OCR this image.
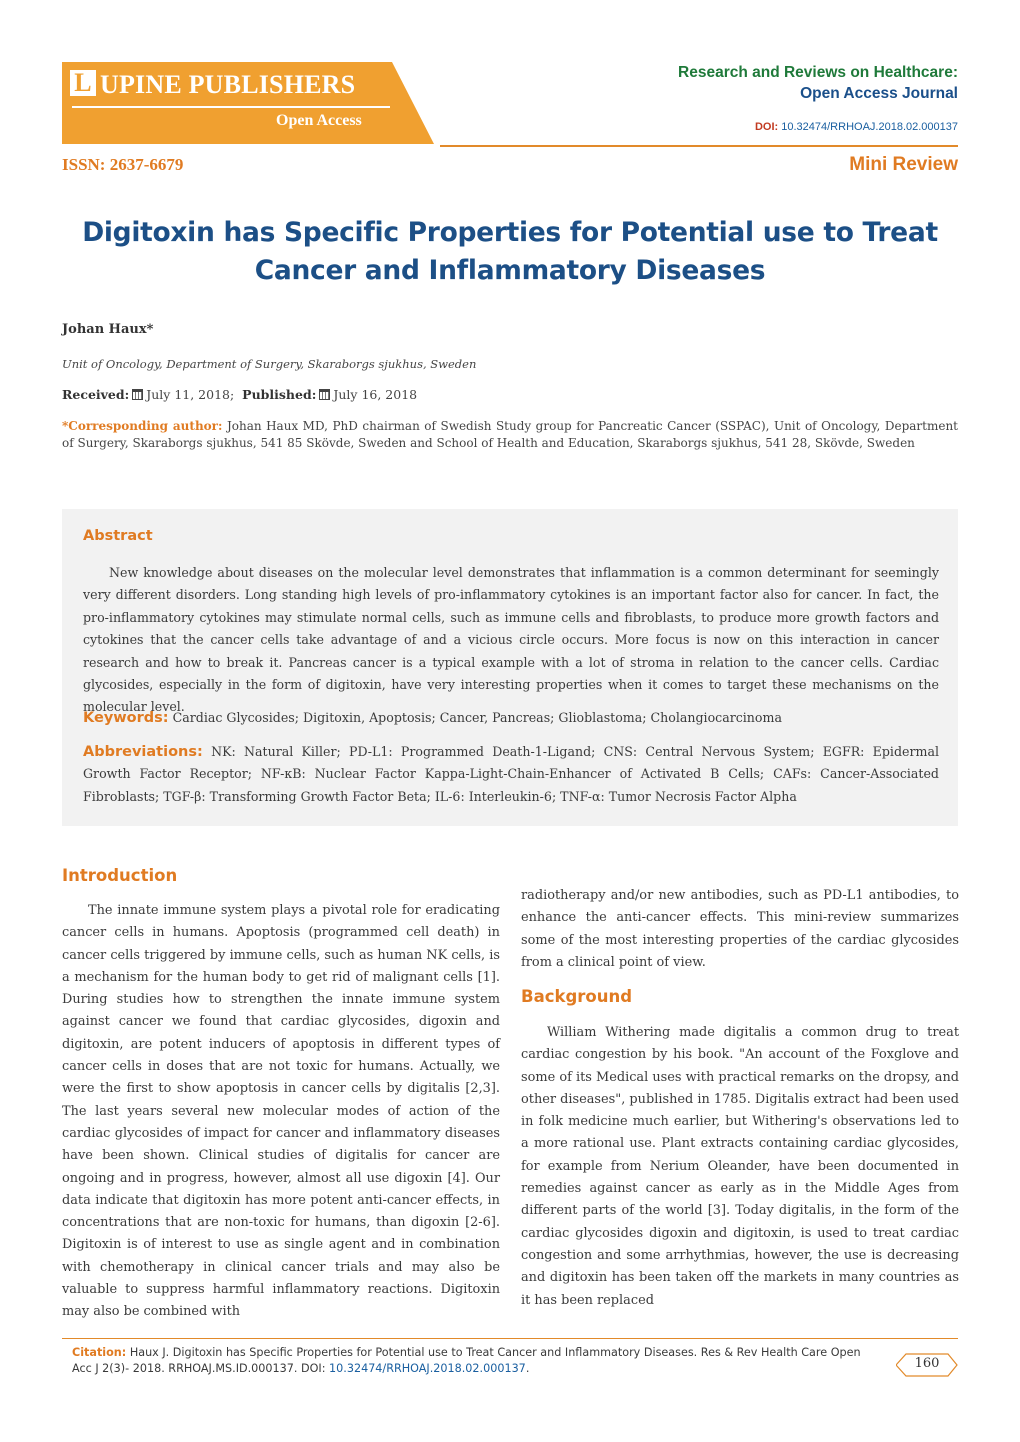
L UPINE PUBLISHERS
Open Access
Research and Reviews on Healthcare:
Open Access Journal
DOI: 10.32474/RRHOAJ.2018.02.000137
ISSN: 2637-6679	Mini Review
Digitoxin has Specific Properties for Potential use to Treat Cancer and Inflammatory Diseases
Johan Haux*
Unit of Oncology, Department of Surgery, Skaraborgs sjukhus, Sweden
Received: July 11, 2018; Published: July 16, 2018
*Corresponding author: Johan Haux MD, PhD chairman of Swedish Study group for Pancreatic Cancer (SSPAC), Unit of Oncology, Department of Surgery, Skaraborgs sjukhus, 541 85 Skövde, Sweden and School of Health and Education, Skaraborgs sjukhus, 541 28, Skövde, Sweden
Abstract
New knowledge about diseases on the molecular level demonstrates that inflammation is a common determinant for seemingly very different disorders. Long standing high levels of pro-inflammatory cytokines is an important factor also for cancer. In fact, the pro-inflammatory cytokines may stimulate normal cells, such as immune cells and fibroblasts, to produce more growth factors and cytokines that the cancer cells take advantage of and a vicious circle occurs. More focus is now on this interaction in cancer research and how to break it. Pancreas cancer is a typical example with a lot of stroma in relation to the cancer cells. Cardiac glycosides, especially in the form of digitoxin, have very interesting properties when it comes to target these mechanisms on the molecular level.
Keywords: Cardiac Glycosides; Digitoxin, Apoptosis; Cancer, Pancreas; Glioblastoma; Cholangiocarcinoma
Abbreviations: NK: Natural Killer; PD-L1: Programmed Death-1-Ligand; CNS: Central Nervous System; EGFR: Epidermal Growth Factor Receptor; NF-κB: Nuclear Factor Kappa-Light-Chain-Enhancer of Activated B Cells; CAFs: Cancer-Associated Fibroblasts; TGF-β: Transforming Growth Factor Beta; IL-6: Interleukin-6; TNF-α: Tumor Necrosis Factor Alpha
Introduction
The innate immune system plays a pivotal role for eradicating cancer cells in humans. Apoptosis (programmed cell death) in cancer cells triggered by immune cells, such as human NK cells, is a mechanism for the human body to get rid of malignant cells [1]. During studies how to strengthen the innate immune system against cancer we found that cardiac glycosides, digoxin and digitoxin, are potent inducers of apoptosis in different types of cancer cells in doses that are not toxic for humans. Actually, we were the first to show apoptosis in cancer cells by digitalis [2,3]. The last years several new molecular modes of action of the cardiac glycosides of impact for cancer and inflammatory diseases have been shown. Clinical studies of digitalis for cancer are ongoing and in progress, however, almost all use digoxin [4]. Our data indicate that digitoxin has more potent anti-cancer effects, in concentrations that are non-toxic for humans, than digoxin [2-6]. Digitoxin is of interest to use as single agent and in combination with chemotherapy in clinical cancer trials and may also be valuable to suppress harmful inflammatory reactions. Digitoxin may also be combined with
radiotherapy and/or new antibodies, such as PD-L1 antibodies, to enhance the anti-cancer effects. This mini-review summarizes some of the most interesting properties of the cardiac glycosides from a clinical point of view.
Background
William Withering made digitalis a common drug to treat cardiac congestion by his book. "An account of the Foxglove and some of its Medical uses with practical remarks on the dropsy, and other diseases", published in 1785. Digitalis extract had been used in folk medicine much earlier, but Withering's observations led to a more rational use. Plant extracts containing cardiac glycosides, for example from Nerium Oleander, have been documented in remedies against cancer as early as in the Middle Ages from different parts of the world [3]. Today digitalis, in the form of the cardiac glycosides digoxin and digitoxin, is used to treat cardiac congestion and some arrhythmias, however, the use is decreasing and digitoxin has been taken off the markets in many countries as it has been replaced
Citation: Haux J. Digitoxin has Specific Properties for Potential use to Treat Cancer and Inflammatory Diseases. Res & Rev Health Care Open Acc J 2(3)- 2018. RRHOAJ.MS.ID.000137. DOI: 10.32474/RRHOAJ.2018.02.000137.	160
